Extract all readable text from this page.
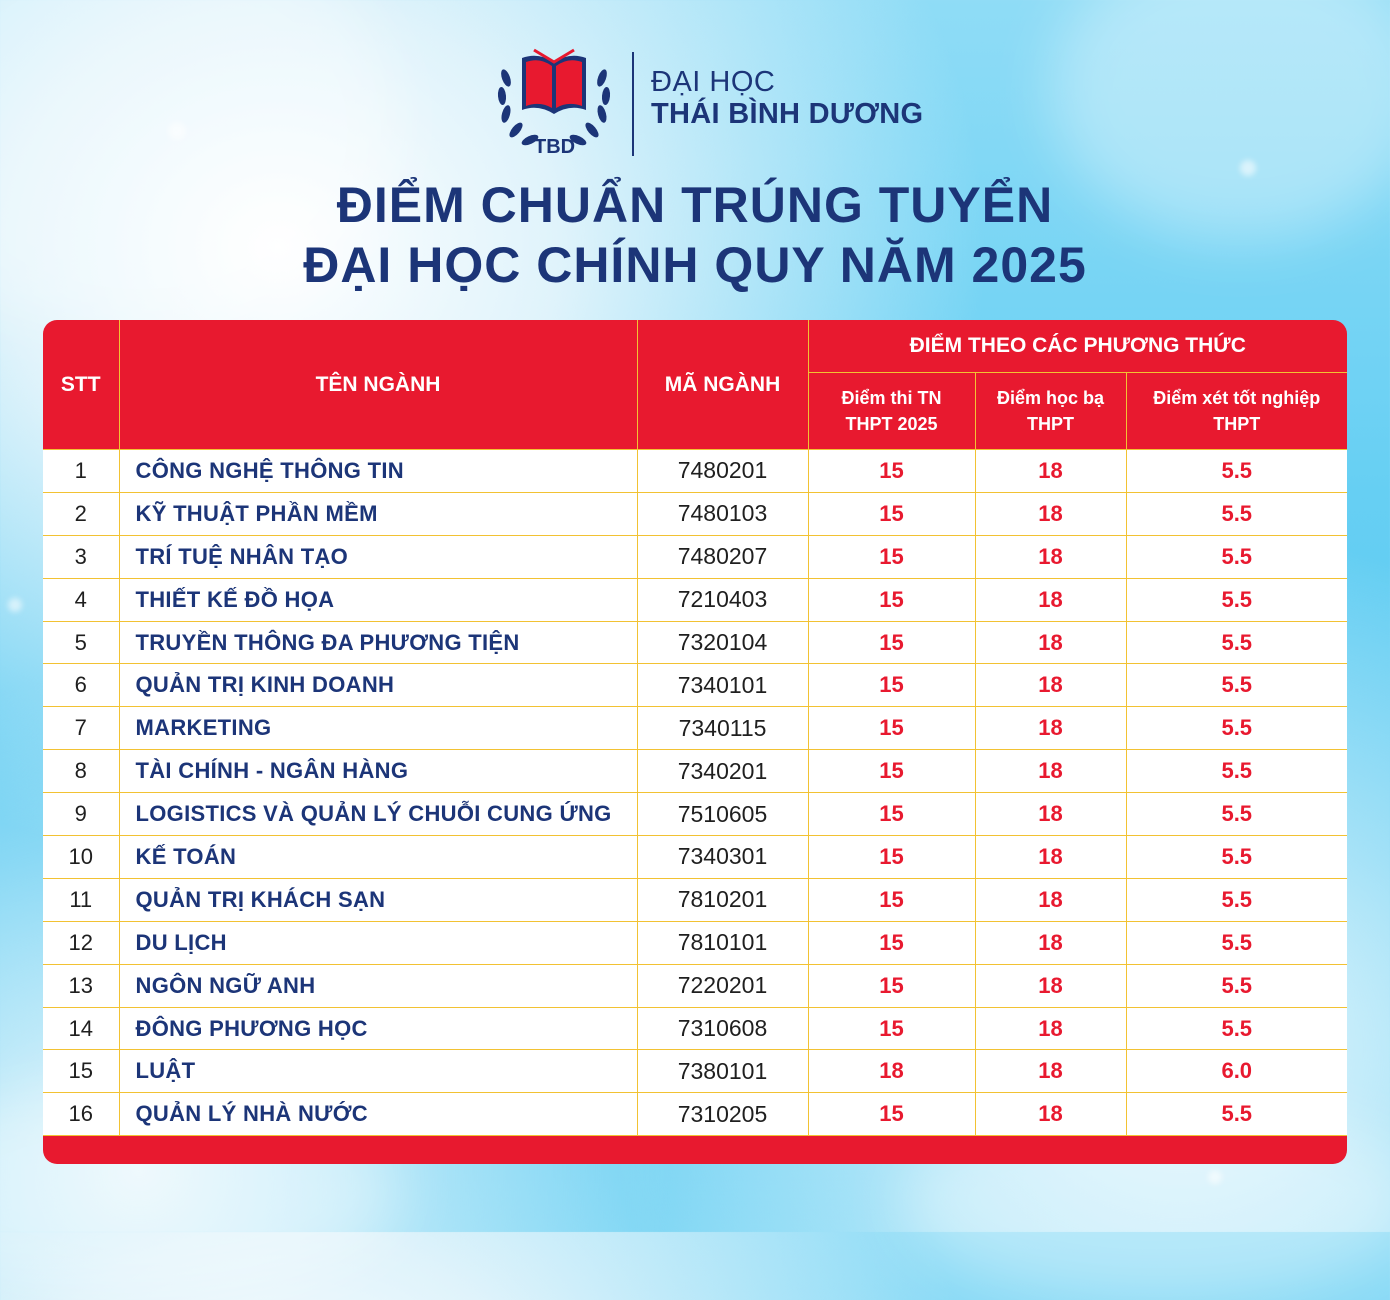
TBD
ĐẠI HỌC
THÁI BÌNH DƯƠNG
ĐIỂM CHUẨN TRÚNG TUYỂN
ĐẠI HỌC CHÍNH QUY NĂM 2025
STT	TÊN NGÀNH	MÃ NGÀNH	ĐIỂM THEO CÁC PHƯƠNG THỨC		
			Điểm thi TN THPT 2025	Điểm học bạ THPT	Điểm xét tốt nghiệp THPT
1	CÔNG NGHỆ THÔNG TIN	7480201	15	18	5.5
2	KỸ THUẬT PHẦN MỀM	7480103	15	18	5.5
3	TRÍ TUỆ NHÂN TẠO	7480207	15	18	5.5
4	THIẾT KẾ ĐỒ HỌA	7210403	15	18	5.5
5	TRUYỀN THÔNG ĐA PHƯƠNG TIỆN	7320104	15	18	5.5
6	QUẢN TRỊ KINH DOANH	7340101	15	18	5.5
7	MARKETING	7340115	15	18	5.5
8	TÀI CHÍNH - NGÂN HÀNG	7340201	15	18	5.5
9	LOGISTICS VÀ QUẢN LÝ CHUỖI CUNG ỨNG	7510605	15	18	5.5
10	KẾ TOÁN	7340301	15	18	5.5
11	QUẢN TRỊ KHÁCH SẠN	7810201	15	18	5.5
12	DU LỊCH	7810101	15	18	5.5
13	NGÔN NGỮ ANH	7220201	15	18	5.5
14	ĐÔNG PHƯƠNG HỌC	7310608	15	18	5.5
15	LUẬT	7380101	18	18	6.0
16	QUẢN LÝ NHÀ NƯỚC	7310205	15	18	5.5
